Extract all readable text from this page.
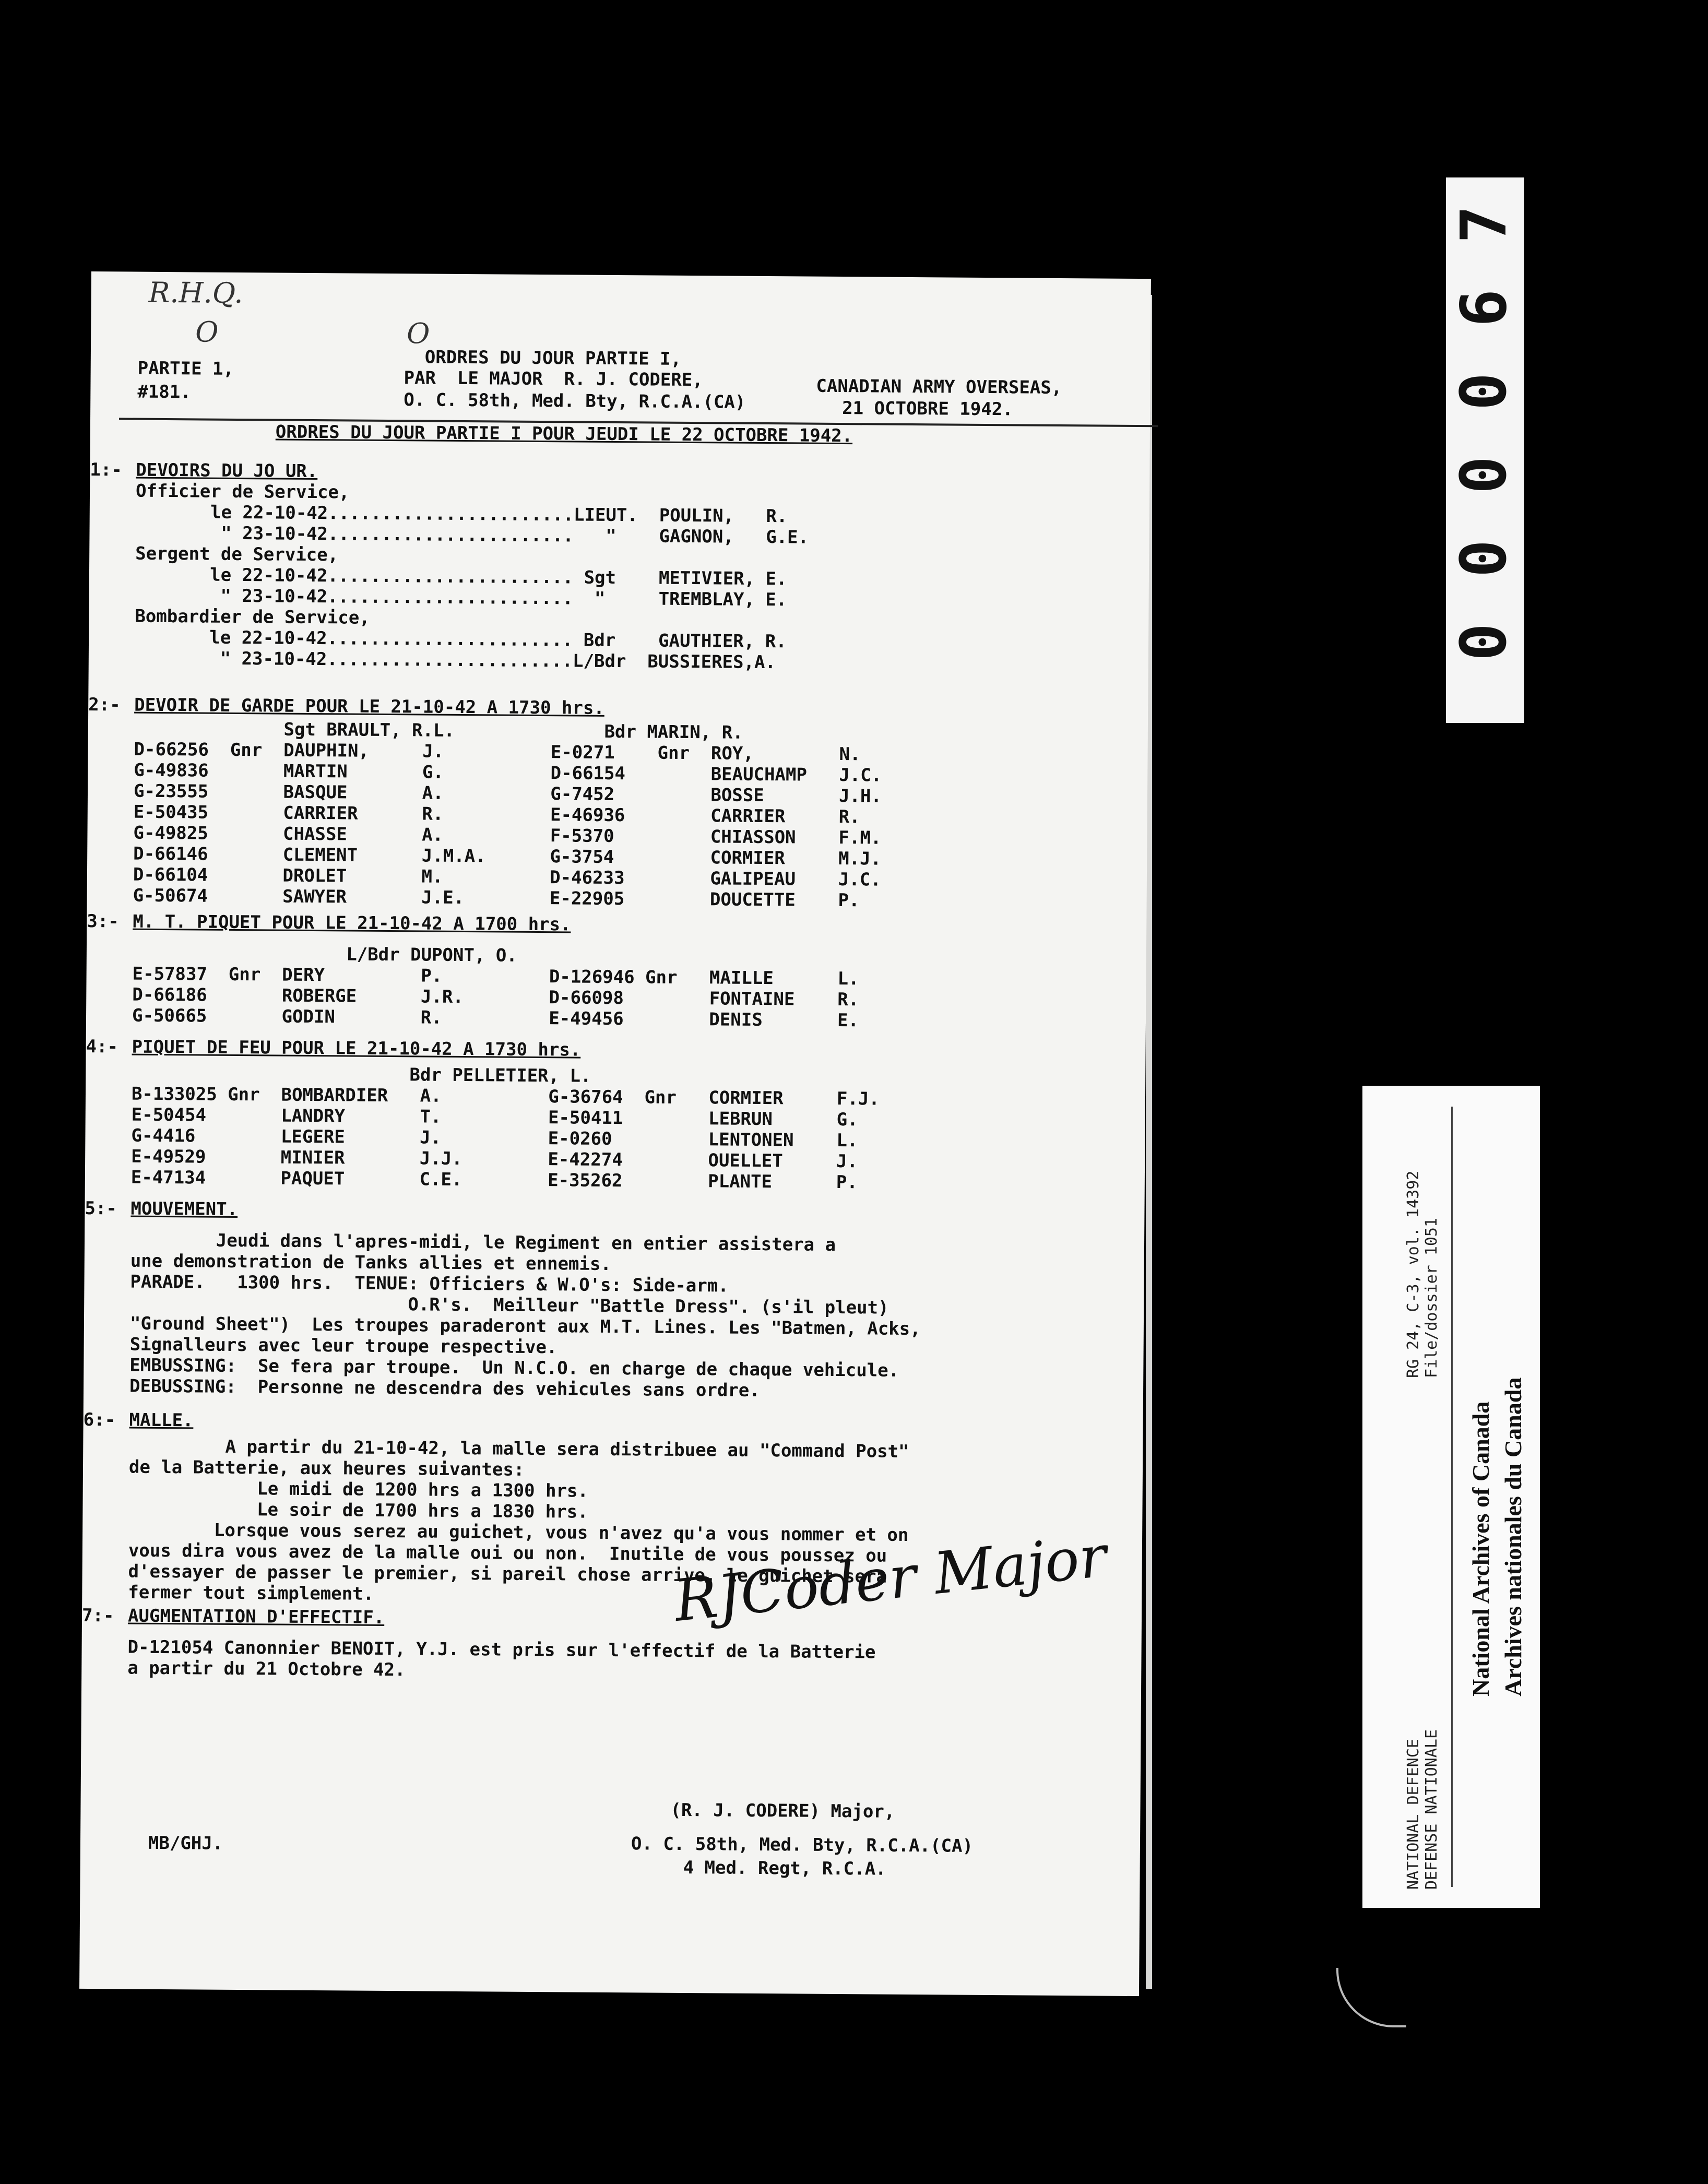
R.H.Q.
O	O
PARTIE 1,
#181.
ORDRES DU JOUR PARTIE I,
PAR  LE MAJOR  R. J. CODERE,
O. C. 58th, Med. Bty, R.C.A.(CA)
CANADIAN ARMY OVERSEAS,
21 OCTOBRE 1942.
ORDRES DU JOUR PARTIE I POUR JEUDI LE 22 OCTOBRE 1942.
1:- DEVOIRS DU JO UR.
Officier de Service,
le 22-10-42.......................LIEUT.  POULIN,   R.
" 23-10-42.......................   "    GAGNON,   G.E.
Sergent de Service,
le 22-10-42....................... Sgt    METIVIER, E.
" 23-10-42.......................  "     TREMBLAY, E.
Bombardier de Service,
le 22-10-42....................... Bdr    GAUTHIER, R.
" 23-10-42.......................L/Bdr  BUSSIERES,A.
2:- DEVOIR DE GARDE POUR LE 21-10-42 A 1730 hrs.
Sgt BRAULT, R.L.              Bdr MARIN, R.
D-66256  Gnr  DAUPHIN,     J.          E-0271    Gnr  ROY,        N.
G-49836       MARTIN       G.          D-66154        BEAUCHAMP   J.C.
G-23555       BASQUE       A.          G-7452         BOSSE       J.H.
E-50435       CARRIER      R.          E-46936        CARRIER     R.
G-49825       CHASSE       A.          F-5370         CHIASSON    F.M.
D-66146       CLEMENT      J.M.A.      G-3754         CORMIER     M.J.
D-66104       DROLET       M.          D-46233        GALIPEAU    J.C.
G-50674       SAWYER       J.E.        E-22905        DOUCETTE    P.
3:- M. T. PIQUET POUR LE 21-10-42 A 1700 hrs.
L/Bdr DUPONT, O.
E-57837  Gnr  DERY         P.          D-126946 Gnr   MAILLE      L.
D-66186       ROBERGE      J.R.        D-66098        FONTAINE    R.
G-50665       GODIN        R.          E-49456        DENIS       E.
4:- PIQUET DE FEU POUR LE 21-10-42 A 1730 hrs.
Bdr PELLETIER, L.
B-133025 Gnr  BOMBARDIER   A.          G-36764  Gnr   CORMIER     F.J.
E-50454       LANDRY       T.          E-50411        LEBRUN      G.
G-4416        LEGERE       J.          E-0260         LENTONEN    L.
E-49529       MINIER       J.J.        E-42274        OUELLET     J.
E-47134       PAQUET       C.E.        E-35262        PLANTE      P.
5:- MOUVEMENT.
Jeudi dans l'apres-midi, le Regiment en entier assistera a
une demonstration de Tanks allies et ennemis.
PARADE.   1300 hrs.  TENUE: Officiers & W.O's: Side-arm.
O.R's.  Meilleur "Battle Dress". (s'il pleut)
"Ground Sheet")  Les troupes paraderont aux M.T. Lines. Les "Batmen, Acks,
Signalleurs avec leur troupe respective.
EMBUSSING:  Se fera par troupe.  Un N.C.O. en charge de chaque vehicule.
DEBUSSING:  Personne ne descendra des vehicules sans ordre.
6:- MALLE.
A partir du 21-10-42, la malle sera distribuee au "Command Post"
de la Batterie, aux heures suivantes:
Le midi de 1200 hrs a 1300 hrs.
Le soir de 1700 hrs a 1830 hrs.
Lorsque vous serez au guichet, vous n'avez qu'a vous nommer et on
vous dira vous avez de la malle oui ou non.  Inutile de vous poussez ou
d'essayer de passer le premier, si pareil chose arrive, le guichet sera
fermer tout simplement.
7:- AUGMENTATION D'EFFECTIF.
D-121054 Canonnier BENOIT, Y.J. est pris sur l'effectif de la Batterie
a partir du 21 Octobre 42.
MB/GHJ.
(R. J. CODERE) Major,
O. C. 58th, Med. Bty, R.C.A.(CA)
4 Med. Regt, R.C.A.
RJCoder Major
7
6
0
0
0
0
NATIONAL DEFENCE DEFENSE NATIONALE
RG 24, C-3, vol. 14392 File/dossier 1051
National Archives of Canada Archives nationales du Canada
